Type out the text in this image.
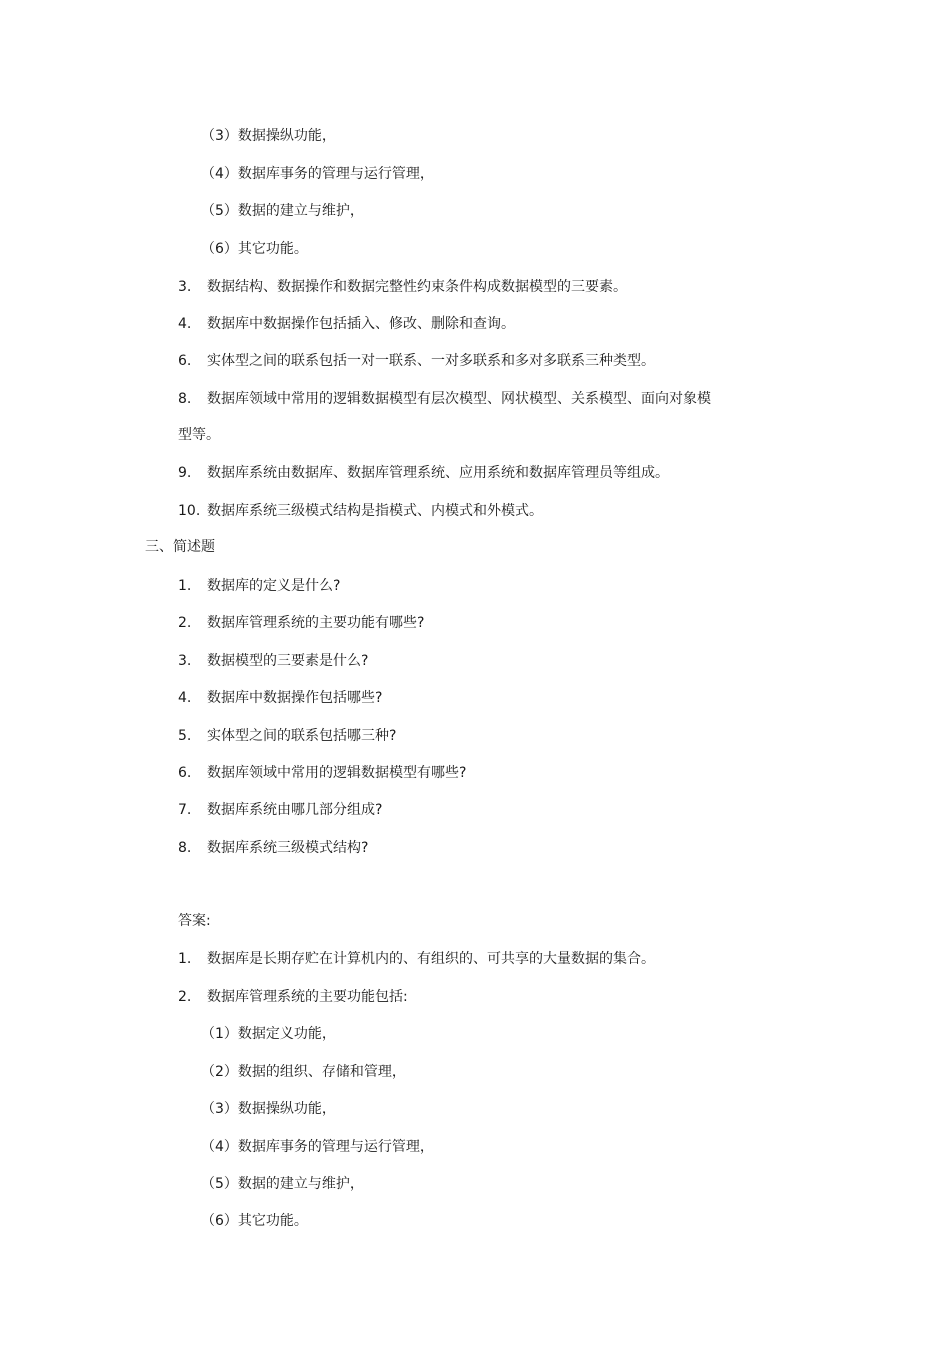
（3）数据操纵功能，
（4）数据库事务的管理与运行管理，
（5）数据的建立与维护，
（6）其它功能。
3. 数据结构、数据操作和数据完整性约束条件构成数据模型的三要素。
4. 数据库中数据操作包括插入、修改、删除和查询。
6. 实体型之间的联系包括一对一联系、一对多联系和多对多联系三种类型。
8. 数据库领域中常用的逻辑数据模型有层次模型、网状模型、关系模型、面向对象模
型等。
9. 数据库系统由数据库、数据库管理系统、应用系统和数据库管理员等组成。
10. 数据库系统三级模式结构是指模式、内模式和外模式。
三、简述题
1. 数据库的定义是什么?
2. 数据库管理系统的主要功能有哪些?
3. 数据模型的三要素是什么?
4. 数据库中数据操作包括哪些?
5. 实体型之间的联系包括哪三种?
6. 数据库领域中常用的逻辑数据模型有哪些?
7. 数据库系统由哪几部分组成?
8. 数据库系统三级模式结构?
答案:
1. 数据库是长期存贮在计算机内的、有组织的、可共享的大量数据的集合。
2. 数据库管理系统的主要功能包括:
（1）数据定义功能，
（2）数据的组织、存储和管理，
（3）数据操纵功能，
（4）数据库事务的管理与运行管理，
（5）数据的建立与维护，
（6）其它功能。
